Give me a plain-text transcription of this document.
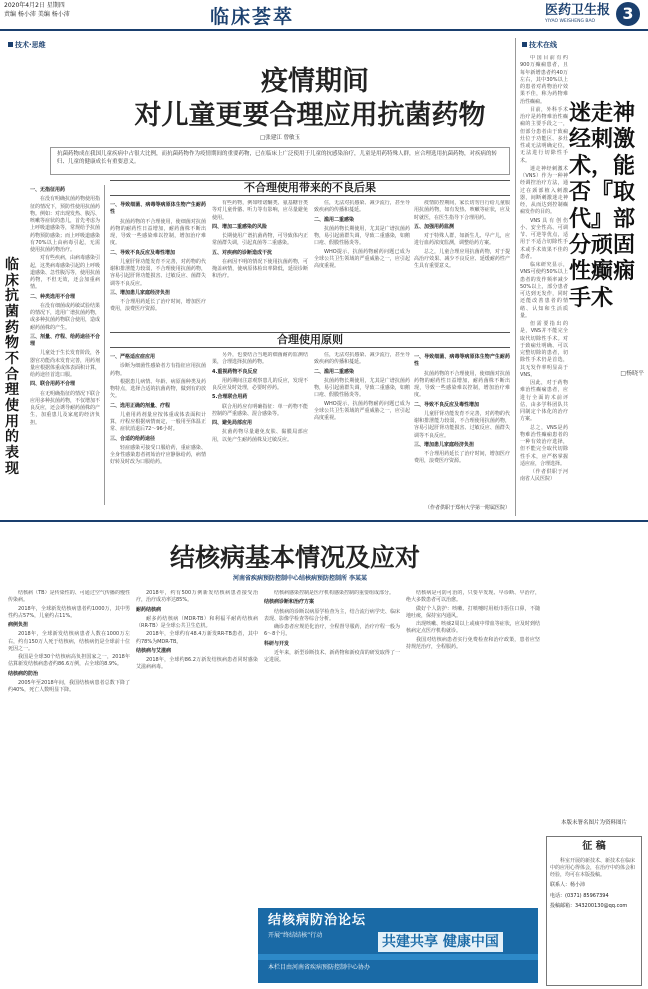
2020年4月2日 星期四
责编 杨小沛 美编 杨小沛	临床荟萃	医药卫生报
YIYAO WEISHENG BAO	3
技术·思维
疫情期间
对儿童更要合理应用抗菌药物
□张建江 曾敏玉
抗菌药物成在我国儿童疾病中占很大比例，而抗菌药物作为疫情期间的重要药物，已在临床上广泛使用于儿童的抗感染治疗，儿童是用药特殊人群，应合理选用抗菌药物，对疾病的转归、儿童的健康成长有重要意义。

一、无指征用药

在没有明确抗菌药物使用指征的情况下，预防性使用抗菌药物。例如：对出现发热、腹泻、咳嗽等症状的患儿，首先考虑为上呼吸道感染等，常规给予抗菌药物预防感染；而上呼吸道感染有70%以上由病毒引起，无需使用抗菌药物治疗。

对有些疾病，由病毒感染引起，这类病毒感染引起的上呼吸道感染、急性腹泻等，使用抗菌药物，不但无效，还会加重病情。

二、种类选用不合理

在没有细菌或药敏试验结果的情况下，选用广谱抗菌药物，或多种抗菌药物联合使用，造成耐药菌株的产生。

三、剂量、疗程、给药途径不合理

儿童处于生长发育阶段，各器官功能尚未发育完善，用药剂量应根据体重或体表面积计算，给药途径首选口服。

四、联合用药不合理

在无明确指征的情况下联合应用多种抗菌药物，不仅增加不良反应，还会诱导耐药菌株的产生，加重患儿及家庭的经济负担。

临床抗菌药物不合理使用的表现
不合理使用带来的不良后果

一、导致细菌、病毒等病原体生物产生耐药性

抗菌药物的不合理使用，使细菌对抗菌药物的耐药性日益增加，耐药菌株不断出现，导致一些感染难以控制，增加治疗难度。

二、导致不良反应及毒性增加

儿童肝肾功能发育不完善，对药物的代谢和排泄能力较弱，不合理使用抗菌药物，容易引起肝肾功能损害、过敏反应、菌群失调等不良反应。

三、增加患儿家庭经济负担

不合理用药延长了治疗时间，增加医疗费用，浪费医疗资源。

有些药物，例如喹诺酮类、氨基糖苷类等对儿童骨骼、听力等有影响，应尽量避免使用。

四、增加二重感染的风险

长期使用广谱抗菌药物，可导致体内正常菌群失调，引起真菌等二重感染。

五、对疾病的诊断造成干扰

在病因不明的情况下使用抗菌药物，可掩盖病情，使病原体检出率降低，延误诊断和治疗。

住，无法对抗感染、减少流行，甚至导致疾病的传播和蔓延。

二、滥用二重感染

抗菌药物长期使用，尤其是广谱抗菌药物，易引起菌群失调，导致二重感染，如鹅口疮、假膜性肠炎等。

WHO提示，抗菌药物耐药问题已成为全球公共卫生领域的严重威胁之一，应引起高度重视。

疫情防控期间，家长切勿自行给儿童服用抗菌药物，如有发热、咳嗽等症状，应及时就医，在医生指导下合理用药。

五、加强用药监测

对于特殊人群，如新生儿、早产儿，应进行血药浓度监测，调整给药方案。

总之，儿童合理应用抗菌药物，对于提高治疗效果、减少不良反应、延缓耐药性产生具有重要意义。

合理使用原则

一、严格适应症应用

诊断为细菌性感染者方有指征应用抗菌药物。

根据患儿病情、年龄、病原菌种类及药物特点，选择合适的抗菌药物，做到有的放矢。

二、选用正确的剂量、疗程

儿童用药剂量应按体重或体表面积计算，疗程应根据病情而定，一般用至体温正常、症状消退后72～96小时。

三、合适的给药途径

轻症感染可接受口服给药，重症感染、全身性感染患者初始治疗应静脉给药，病情好转及时改为口服给药。

另外，也要结合当地的细菌耐药监测结果，合理选择抗菌药物。

4.重视药物不良反应

用药期间注意观察患儿的反应，发现不良反应及时处理，必要时停药。

5.合理联合用药

联合用药应有明确指征：单一药物不能控制的严重感染、混合感染等。

四、避免局部应用

抗菌药物尽量避免皮肤、黏膜局部应用，以免产生耐药菌株及过敏反应。

住，无法对抗感染、减少流行，甚至导致疾病的传播和蔓延。

二、滥用二重感染

抗菌药物长期使用，尤其是广谱抗菌药物，易引起菌群失调，导致二重感染，如鹅口疮、假膜性肠炎等。

WHO提示，抗菌药物耐药问题已成为全球公共卫生领域的严重威胁之一，应引起高度重视。

一、导致细菌、病毒等病原体生物产生耐药性

抗菌药物的不合理使用，使细菌对抗菌药物的耐药性日益增加，耐药菌株不断出现，导致一些感染难以控制，增加治疗难度。

二、导致不良反应及毒性增加

儿童肝肾功能发育不完善，对药物的代谢和排泄能力较弱，不合理使用抗菌药物，容易引起肝肾功能损害、过敏反应、菌群失调等不良反应。

三、增加患儿家庭经济负担

不合理用药延长了治疗时间，增加医疗费用，浪费医疗资源。

（作者供职于郑州大学第一附属医院）
技术在线

中国目前有约900万癫痫患者，且每年新增患者约40万左右，其中30%以上的患者对药物治疗效果不佳，称为药物难治性癫痫。

目前，外科手术治疗是药物难治性癫痫的主要手段之一，但部分患者由于致痫灶位于功能区、多灶性或无法明确定位，无法进行切除性手术。

迷走神经刺激术（VNS）作为一种神经调控治疗方法，通过在颈部植入刺激器，间断刺激迷走神经，从而达到控制癫痫发作的目的。

VNS具有创伤小、安全性高、可调节、可逆等优点，适用于不适合切除性手术或手术效果不佳的患者。

临床研究显示，VNS可使约50%以上患者的发作频率减少50%以上，部分患者可达到无发作，同时还能改善患者的情绪、认知和生活质量。

但需要指出的是，VNS并不能完全取代切除性手术。对于致痫灶明确、可以完整切除的患者，切除性手术仍是首选，其无发作率明显高于VNS。

因此，对于药物难治性癫痫患者，应进行全面的术前评估，由多学科团队共同制定个体化的治疗方案。

总之，VNS是药物难治性癫痫患者的一种有效治疗选择，但不能完全取代切除性手术，应严格掌握适应症，合理选择。

（作者供职于河南省人民医院）

迷走神经刺激术，能否『取代』部分顽固性癫痫手术
□杨晓平
结核病基本情况及应对
河南省疾病预防控制中心结核病预防控制所 李某某

结核病（TB）是传染性的、可通过空气传播的慢性传染病。

2018年，全球新发结核病患者约1000万，其中男性约占57%，儿童约占11%。

病例负担

2018年，全球新发结核病患者人数在1000万左右，约有150万人死于结核病，结核病仍是全球前十位死因之一。

我国是全球30个结核病高负担国家之一，2018年估算新发结核病患者约86.6万例，占全球的8.9%。

结核病的防治

2005年至2018年间，我国结核病患者总数下降了约40%，死亡人数明显下降。

2018年，约有500万例新发结核病患者接受治疗，治疗成功率达85%。

耐药结核病

耐多药结核病（MDR-TB）和利福平耐药结核病（RR-TB）是全球公共卫生危机。

2018年，全球约有48.4万新发RR-TB患者，其中约78%为MDR-TB。

结核病与艾滋病

2018年，全球约86.2万新发结核病患者同时感染艾滋病病毒。

结核病感染控制是医疗机构感染控制的重要组成部分。

结核病诊断和治疗方案

结核病的诊断以病原学检查为主，结合流行病学史、临床表现、影像学检查等综合分析。

确诊患者应规范化治疗，全程督导服药，治疗疗程一般为6～8个月。

科研与开发

近年来，新型诊断技术、新药物和新疫苗的研发取得了一定进展。

结核病是可防可治的，只要早发现、早诊断、早治疗，绝大多数患者可以治愈。

做好个人防护：咳嗽、打喷嚏时用纸巾捂住口鼻，不随地吐痰，保持室内通风。

出现咳嗽、咳痰2周以上或痰中带血等症状，应及时到结核病定点医疗机构就诊。

我国对结核病患者实行免费检查和治疗政策，患者应坚持规范治疗，全程服药。

结核病防治论坛
开展“终结结核”行动	共建共享 健康中国
本栏目由河南省疾病预防控制中心协办
本版未署名图片为资料图片
征 稿
科室开展的新技术、新技术在临床中的应用心得体会，在治疗中的体会和经验，均可在本版投稿。
联系人：杨小沛
电话：(0371) 85967394
投稿邮箱：343200130@qq.com
